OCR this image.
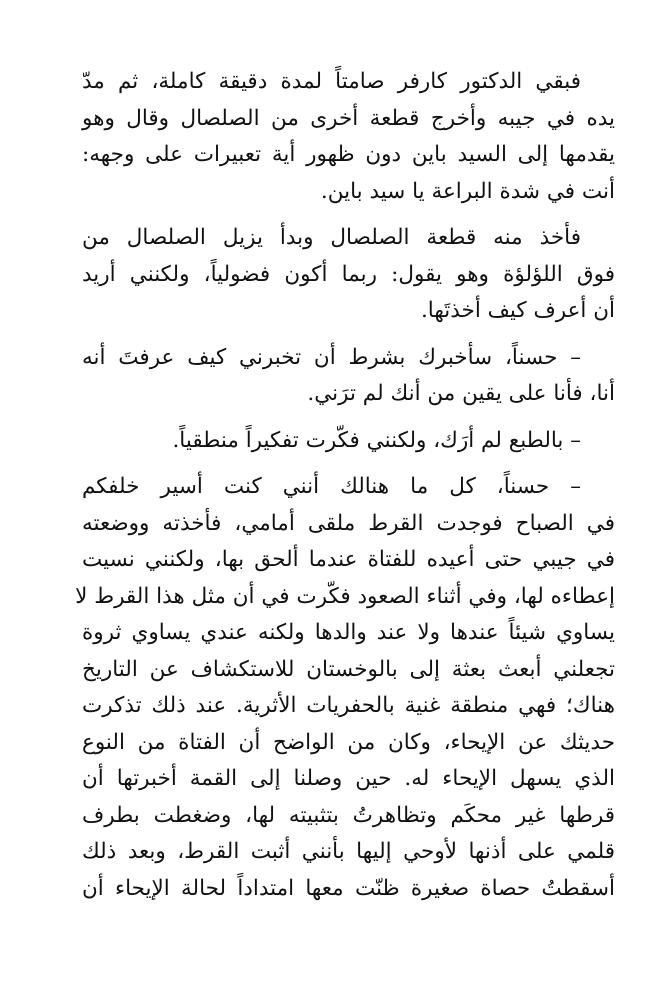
فبقي الدكتور كارفر صامتاً لمدة دقيقة كاملة، ثم مدّ
يده في جيبه وأخرج قطعة أخرى من الصلصال وقال وهو
يقدمها إلى السيد باين دون ظهور أية تعبيرات على وجهه:
أنت في شدة البراعة يا سيد باين.
فأخذ منه قطعة الصلصال وبدأ يزيل الصلصال من
فوق اللؤلؤة وهو يقول: ربما أكون فضولياً، ولكنني أريد
أن أعرف كيف أخذتَها.
– حسناً، سأخبرك بشرط أن تخبرني كيف عرفتَ أنه
أنا، فأنا على يقين من أنك لم ترَني.
– بالطبع لم أرَك، ولكنني فكّرت تفكيراً منطقياً.
– حسناً، كل ما هنالك أنني كنت أسير خلفكم
في الصباح فوجدت القرط ملقى أمامي، فأخذته ووضعته
في جيبي حتى أعيده للفتاة عندما ألحق بها، ولكنني نسيت
إعطاءه لها، وفي أثناء الصعود فكّرت في أن مثل هذا القرط لا
يساوي شيئاً عندها ولا عند والدها ولكنه عندي يساوي ثروة
تجعلني أبعث بعثة إلى بالوخستان للاستكشاف عن التاريخ
هناك؛ فهي منطقة غنية بالحفريات الأثرية. عند ذلك تذكرت
حديثك عن الإيحاء، وكان من الواضح أن الفتاة من النوع
الذي يسهل الإيحاء له. حين وصلنا إلى القمة أخبرتها أن
قرطها غير محكَم وتظاهرتُ بتثبيته لها، وضغطت بطرف
قلمي على أذنها لأوحي إليها بأنني أثبت القرط، وبعد ذلك
أسقطتُ حصاة صغيرة ظنّت معها امتداداً لحالة الإيحاء أن
